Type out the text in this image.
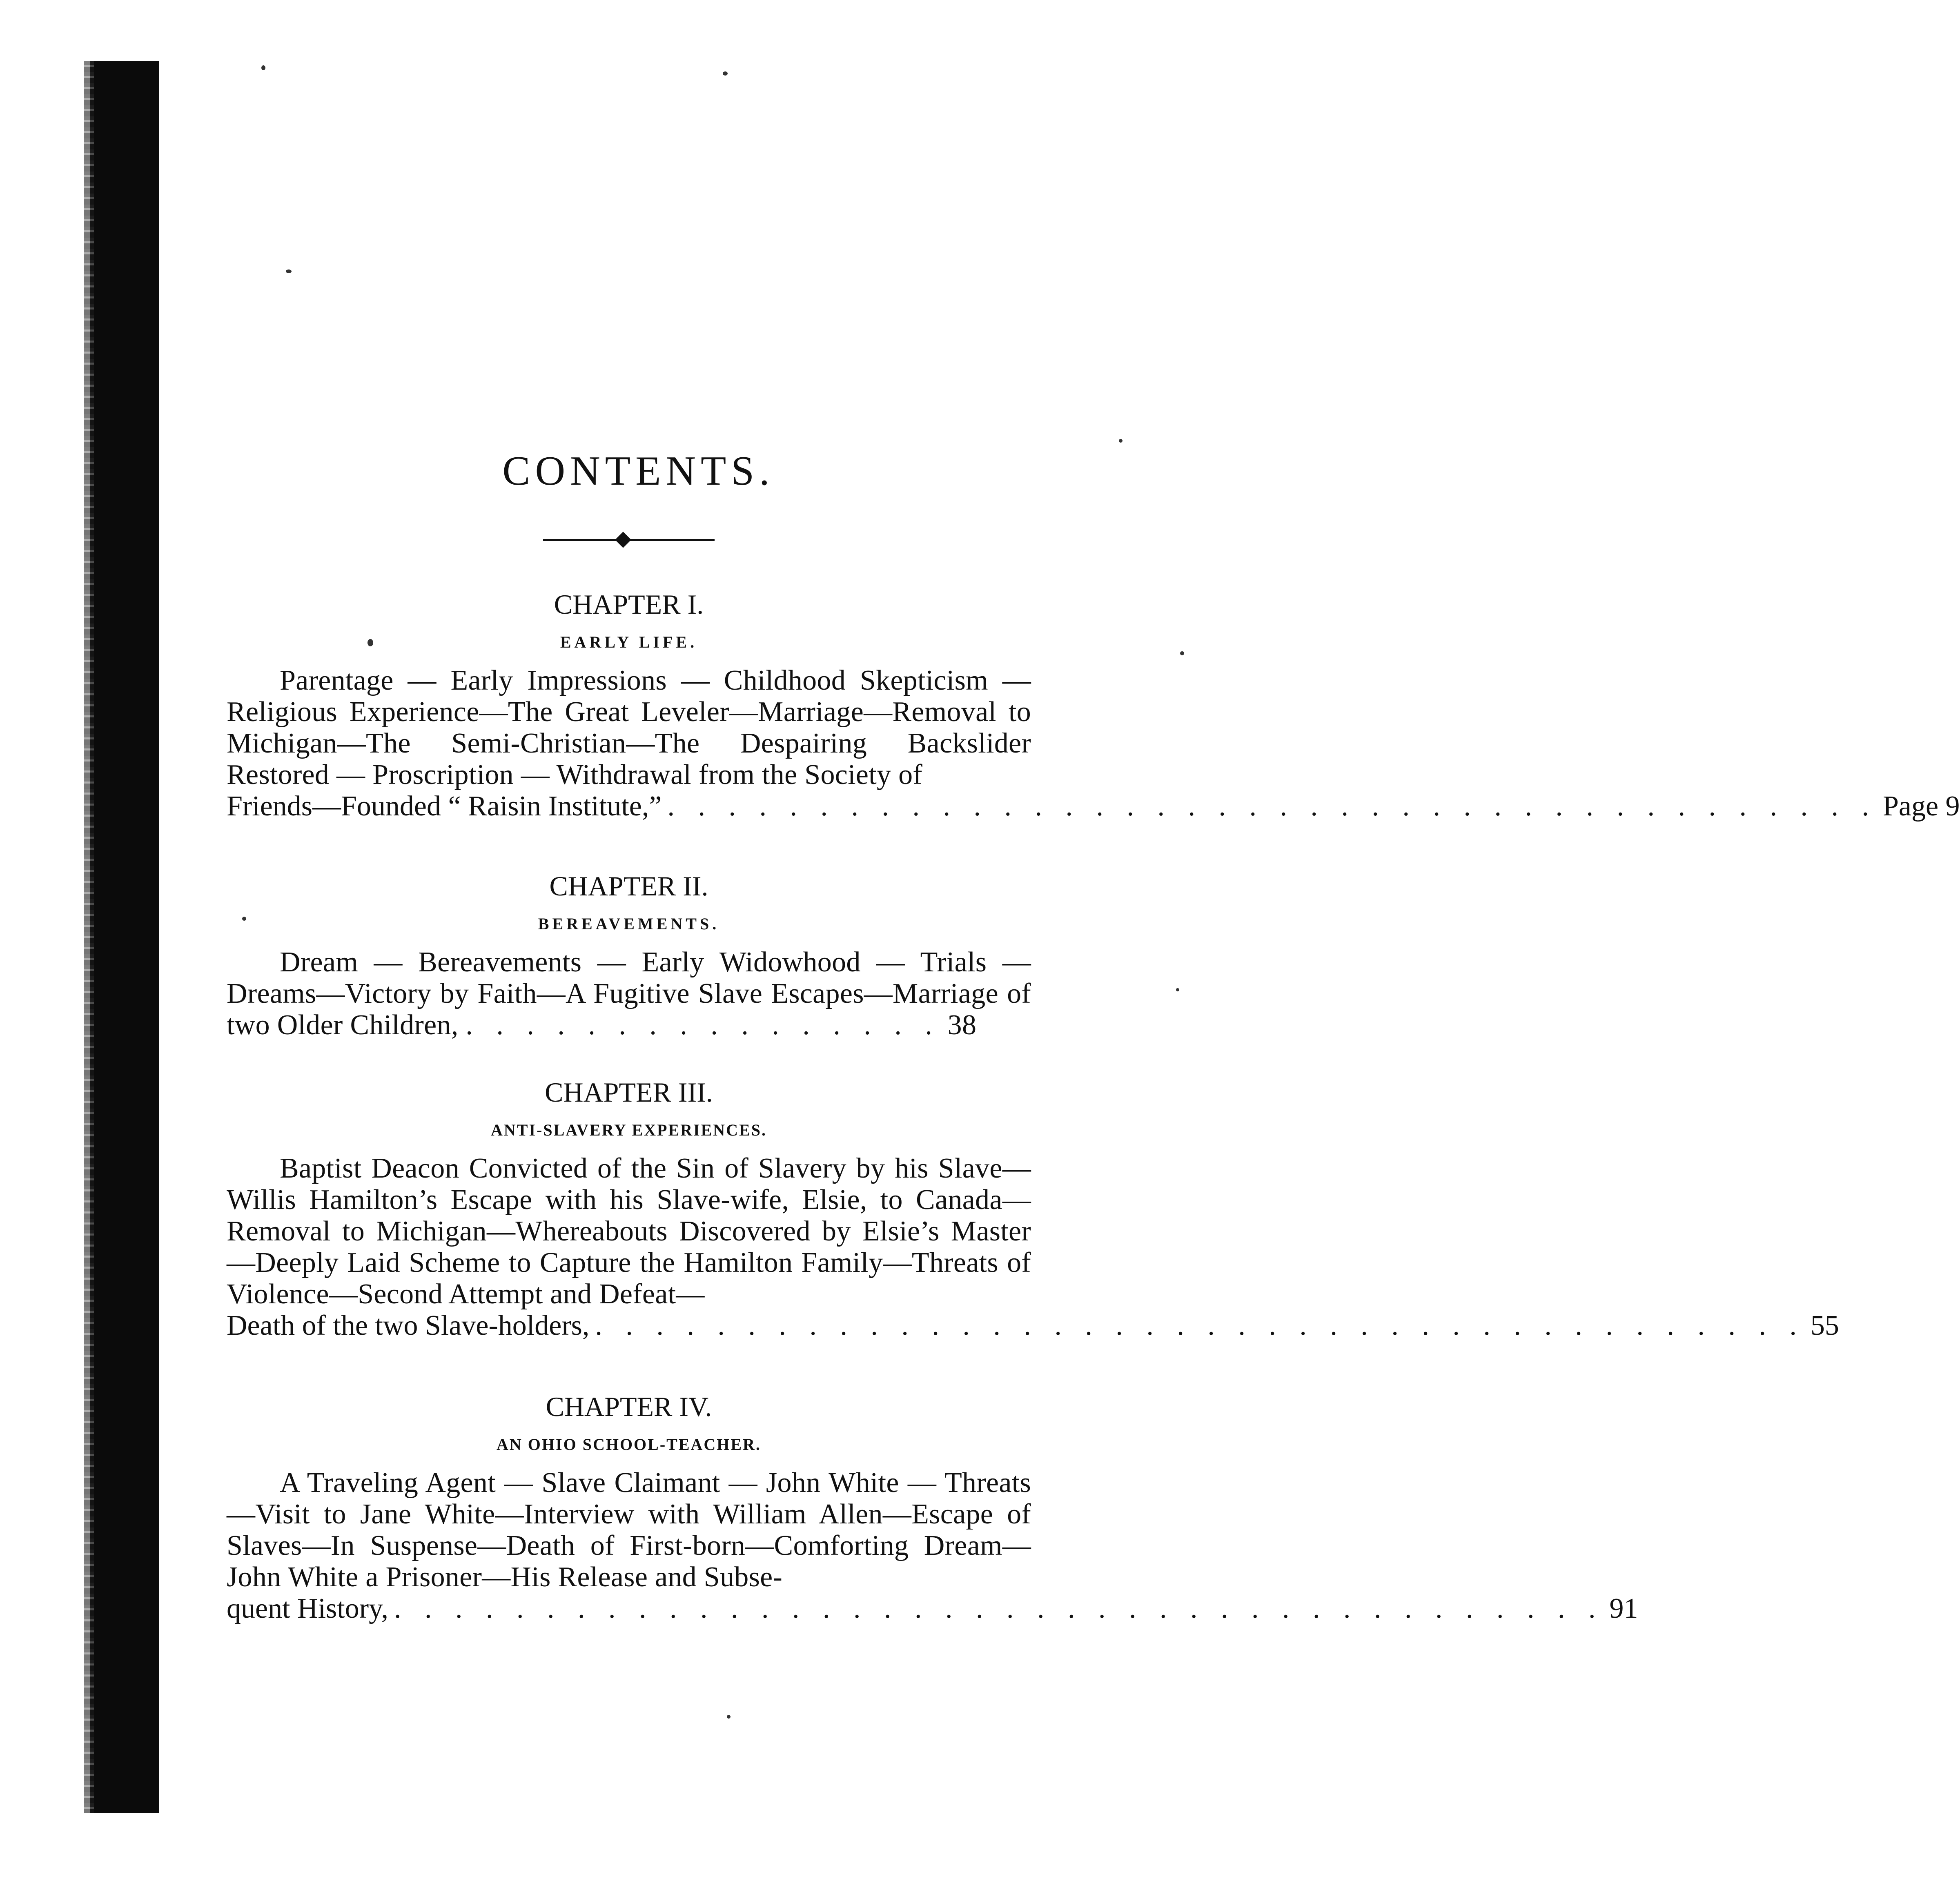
CONTENTS.
CHAPTER I.
EARLY LIFE.

Parentage — Early Impressions — Childhood Skepticism — Religious Experience—The Great Leveler—Marriage—Removal to Michigan—The Semi-Christian—The Despairing Backslider Restored — Proscription — Withdrawal from the Society of

Friends—Founded “ Raisin Institute,” . . . . . . . . . . . . . . . . . . . . . . . . . . . . . . . . . . . . . . . . Page 9
CHAPTER II.
BEREAVEMENTS.

Dream — Bereavements — Early Widowhood — Trials — Dreams—Victory by Faith—A Fugitive Slave Escapes—Marriage of two Older Children, . . . . . . . . . . . . . . . . 38

CHAPTER III.
ANTI-SLAVERY EXPERIENCES.

Baptist Deacon Convicted of the Sin of Slavery by his Slave—Willis Hamilton’s Escape with his Slave-wife, Elsie, to Canada—Removal to Michigan—Whereabouts Discovered by Elsie’s Master—Deeply Laid Scheme to Capture the Hamilton Family—Threats of Violence—Second Attempt and Defeat—

Death of the two Slave-holders, . . . . . . . . . . . . . . . . . . . . . . . . . . . . . . . . . . . . . . . . 55
CHAPTER IV.
AN OHIO SCHOOL-TEACHER.

A Traveling Agent — Slave Claimant — John White — Threats—Visit to Jane White—Interview with William Allen—Escape of Slaves—In Suspense—Death of First-born—Comforting Dream—John White a Prisoner—His Release and Subse-

quent History, . . . . . . . . . . . . . . . . . . . . . . . . . . . . . . . . . . . . . . . . 91
